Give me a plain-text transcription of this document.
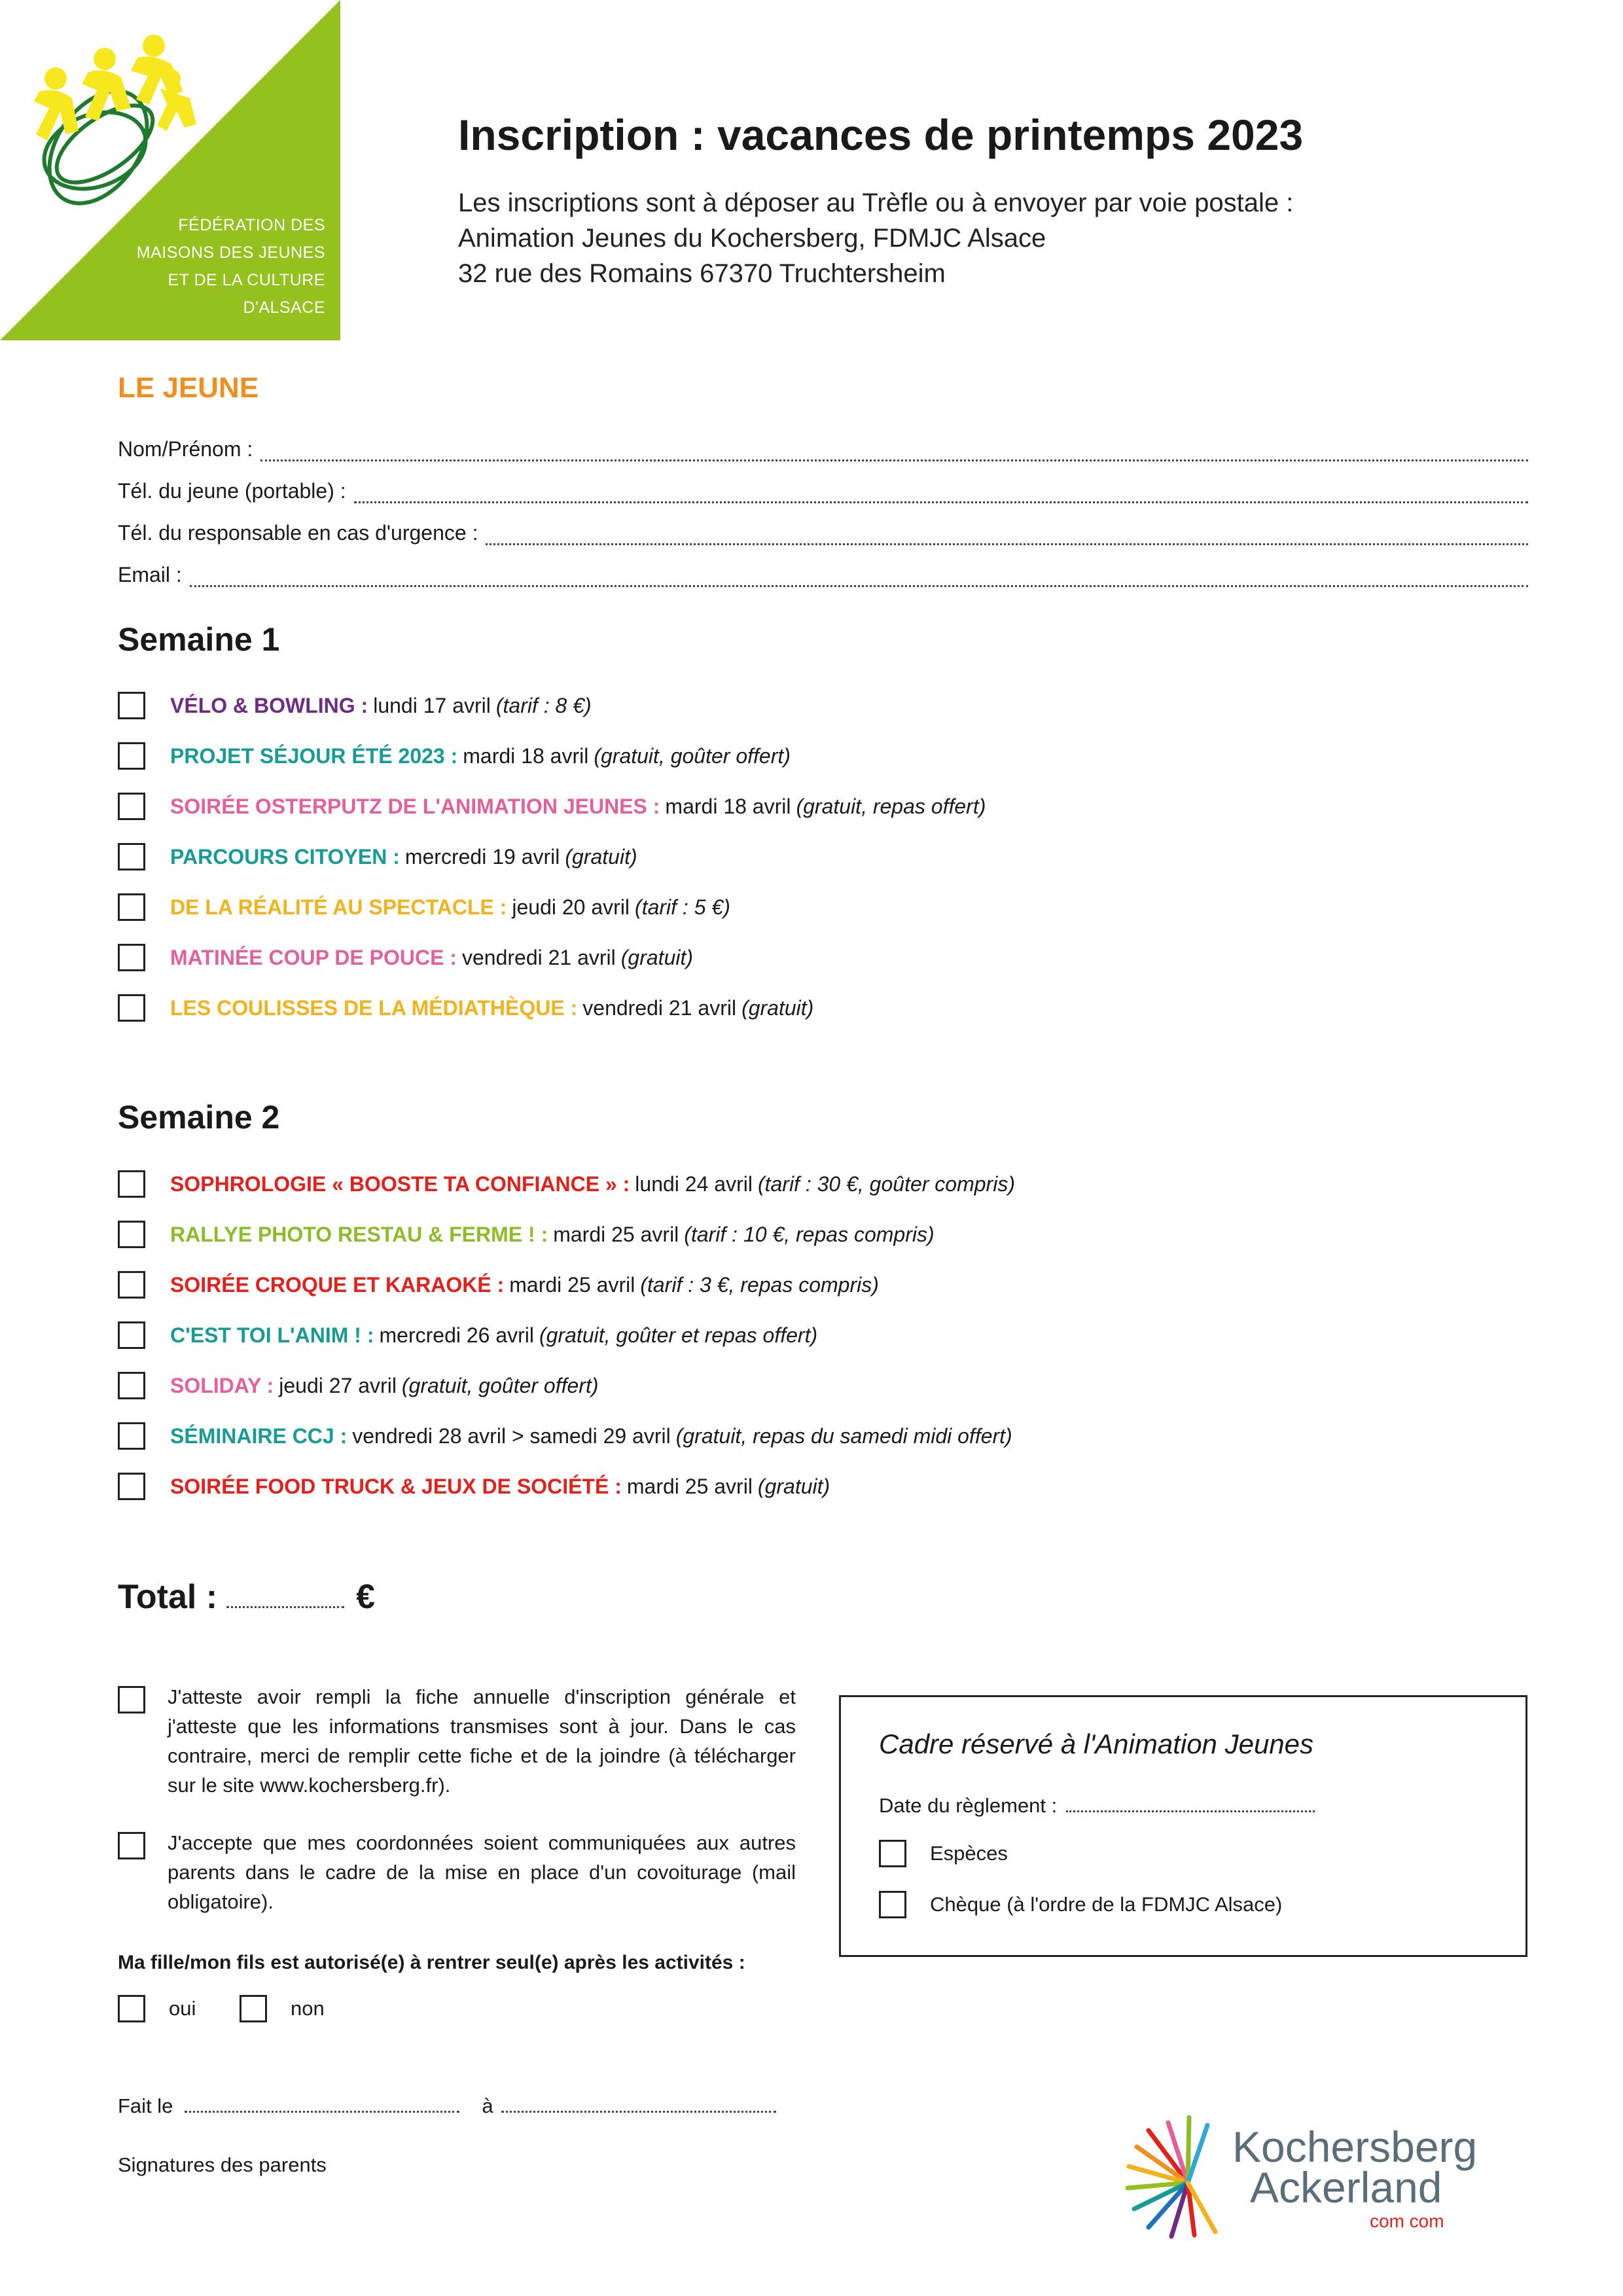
FÉDÉRATION DES
MAISONS DES JEUNES
ET DE LA CULTURE
D'ALSACE
Inscription : vacances de printemps 2023
Les inscriptions sont à déposer au Trèfle ou à envoyer par voie postale :
Animation Jeunes du Kochersberg, FDMJC Alsace
32 rue des Romains 67370 Truchtersheim
LE JEUNE
Nom/Prénom :
Tél. du jeune (portable) :
Tél. du responsable en cas d'urgence :
Email :
Semaine 1
VÉLO & BOWLING : lundi 17 avril (tarif : 8 €)
PROJET SÉJOUR ÉTÉ 2023 : mardi 18 avril (gratuit, goûter offert)
SOIRÉE OSTERPUTZ DE L'ANIMATION JEUNES : mardi 18 avril (gratuit, repas offert)
PARCOURS CITOYEN : mercredi 19 avril (gratuit)
DE LA RÉALITÉ AU SPECTACLE : jeudi 20 avril (tarif : 5 €)
MATINÉE COUP DE POUCE : vendredi 21 avril (gratuit)
LES COULISSES DE LA MÉDIATHÈQUE : vendredi 21 avril (gratuit)
Semaine 2
SOPHROLOGIE « BOOSTE TA CONFIANCE » : lundi 24 avril (tarif : 30 €, goûter compris)
RALLYE PHOTO RESTAU & FERME ! : mardi 25 avril (tarif : 10 €, repas compris)
SOIRÉE CROQUE ET KARAOKÉ : mardi 25 avril (tarif : 3 €, repas compris)
C'EST TOI L'ANIM ! : mercredi 26 avril (gratuit, goûter et repas offert)
SOLIDAY : jeudi 27 avril (gratuit, goûter offert)
SÉMINAIRE CCJ : vendredi 28 avril > samedi 29 avril (gratuit, repas du samedi midi offert)
SOIRÉE FOOD TRUCK & JEUX DE SOCIÉTÉ : mardi 25 avril (gratuit)
Total :	€
J'atteste avoir rempli la fiche annuelle d'inscription générale et j'atteste que les informations transmises sont à jour. Dans le cas contraire, merci de remplir cette fiche et de la joindre (à télécharger sur le site www.kochersberg.fr).
J'accepte que mes coordonnées soient communiquées aux autres parents dans le cadre de la mise en place d'un covoiturage (mail obligatoire).
Ma fille/mon fils est autorisé(e) à rentrer seul(e) après les activités :
oui	non
Fait le	à
Signatures des parents
Cadre réservé à l'Animation Jeunes
Date du règlement :
Espèces
Chèque (à l'ordre de la FDMJC Alsace)
Kochersberg
Ackerland
com com
